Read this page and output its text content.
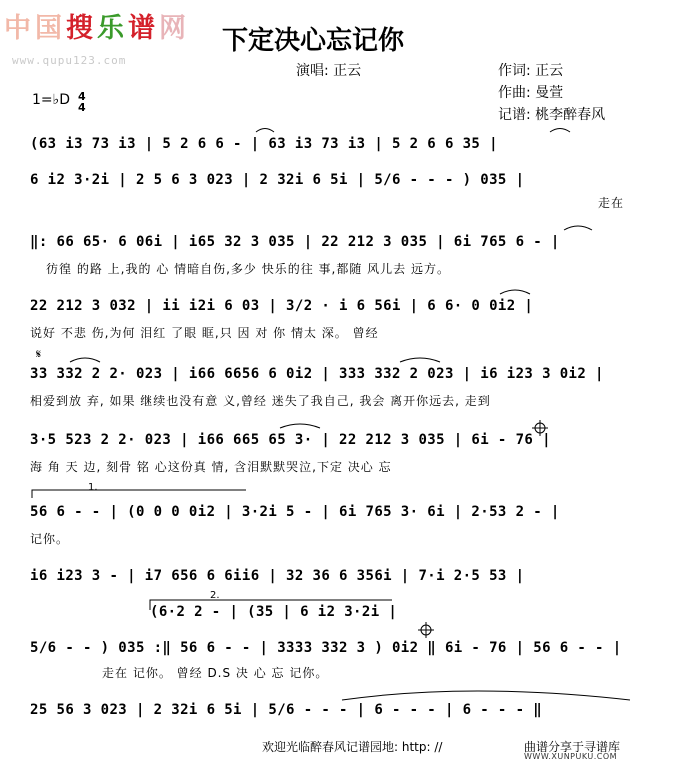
中国搜乐谱网
www.qupu123.com
下定决心忘记你
演唱: 正云	作词: 正云
作曲: 曼萱
记谱: 桃李醉春风
1=♭D 4
4
(63 i3 73 i3 | 5 2 6 6 - | 63 i3 73 i3 | 5 2 6 6 35 |
6 i2 3·2i | 2 5 6 3 023 | 2 32i 6 5i | 5/6 - - - ) 035 |
走在
‖: 66 65· 6 06i | i65 32 3 035 | 22 212 3 035 | 6i 765 6 - |
彷徨 的路 上,我的 心 情暗自伤,多少 快乐的往 事,都随 风儿去 远方。
22 212 3 032 | ii i2i 6 03 | 3/2 · i 6 56i | 6 6· 0 0i2 |
说好 不悲 伤,为何 泪红 了眼 眶,只 因 对 你 情太 深。 曾经
33 332 2 2· 023 | i66 6656 6 0i2 | 333 332 2 023 | i6 i23 3 0i2 |
相爱到放 弃, 如果 继续也没有意 义,曾经 迷失了我自己, 我会 离开你远去, 走到
3·5 523 2 2· 023 | i66 665 65 3· | 22 212 3 035 | 6i - 76 |
海 角 天 边, 刻骨 铭 心这份真 情, 含泪默默哭泣,下定 决心 忘
56 6 - - | (0 0 0 0i2 | 3·2i 5 - | 6i 765 3· 6i | 2·53 2 - |
记你。
i6 i23 3 - | i7 656 6 6ii6 | 32 36 6 356i | 7·i 2·5 53 |
(6·2 2 - | (35 | 6 i2 3·2i |
5/6 - - ) 035 :‖ 56 6 - - | 3333 332 3 ) 0i2 ‖ 6i - 76 | 56 6 - - |
走在 记你。 曾经 D.S 决 心 忘 记你。
25 56 3 023 | 2 32i 6 5i | 5/6 - - - | 6 - - - | 6 - - - ‖
1.
2.
𝄋
欢迎光临醉春风记谱园地: http: //	曲谱分享于寻谱库
WWW.XUNPUKU.COM
